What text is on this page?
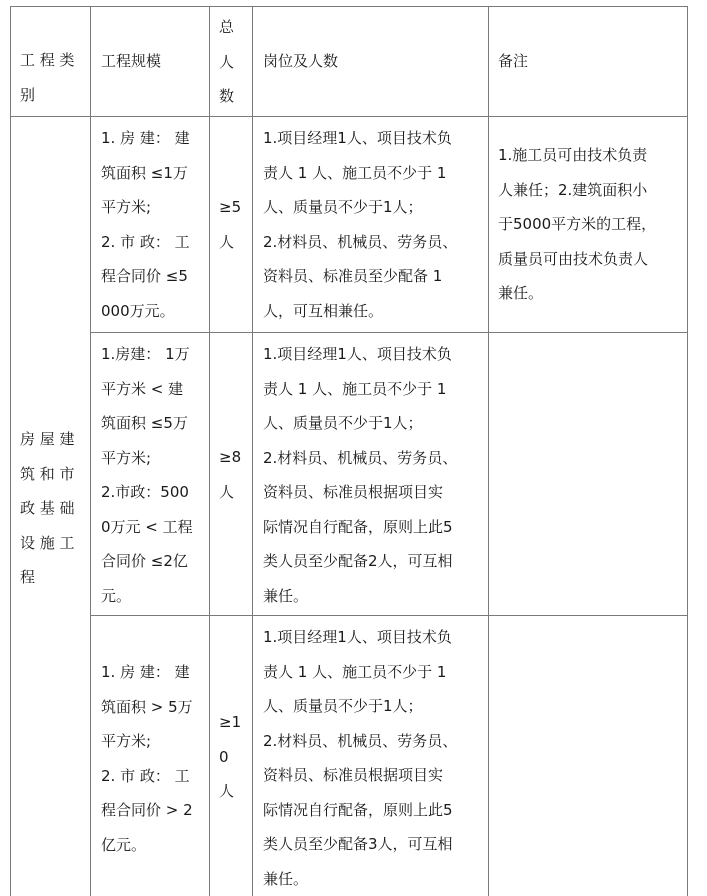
工 程 类
别
工程规模
总
人
数
岗位及人数	备注
房 屋 建
筑 和 市
政 基 础
设 施 工
程
1. 房 建： 建
筑面积 ≤1万
平方米;
2. 市 政： 工
程合同价 ≤5
000万元。
≥5
人
1.项目经理1人、项目技术负
责人 1 人、施工员不少于 1
人、质量员不少于1人；
2.材料员、机械员、劳务员、
资料员、标准员至少配备 1
人，可互相兼任。
1.施工员可由技术负责
人兼任；2.建筑面积小
于5000平方米的工程，
质量员可由技术负责人
兼任。
1.房建： 1万
平方米 < 建
筑面积 ≤5万
平方米;
2.市政：500
0万元 < 工程
合同价 ≤2亿
元。
≥8
人
1.项目经理1人、项目技术负
责人 1 人、施工员不少于 1
人、质量员不少于1人；
2.材料员、机械员、劳务员、
资料员、标准员根据项目实
际情况自行配备，原则上此5
类人员至少配备2人，可互相
兼任。
1. 房 建： 建
筑面积 > 5万
平方米;
2. 市 政： 工
程合同价 > 2
亿元。
≥1
0
人
1.项目经理1人、项目技术负
责人 1 人、施工员不少于 1
人、质量员不少于1人；
2.材料员、机械员、劳务员、
资料员、标准员根据项目实
际情况自行配备，原则上此5
类人员至少配备3人，可互相
兼任。
